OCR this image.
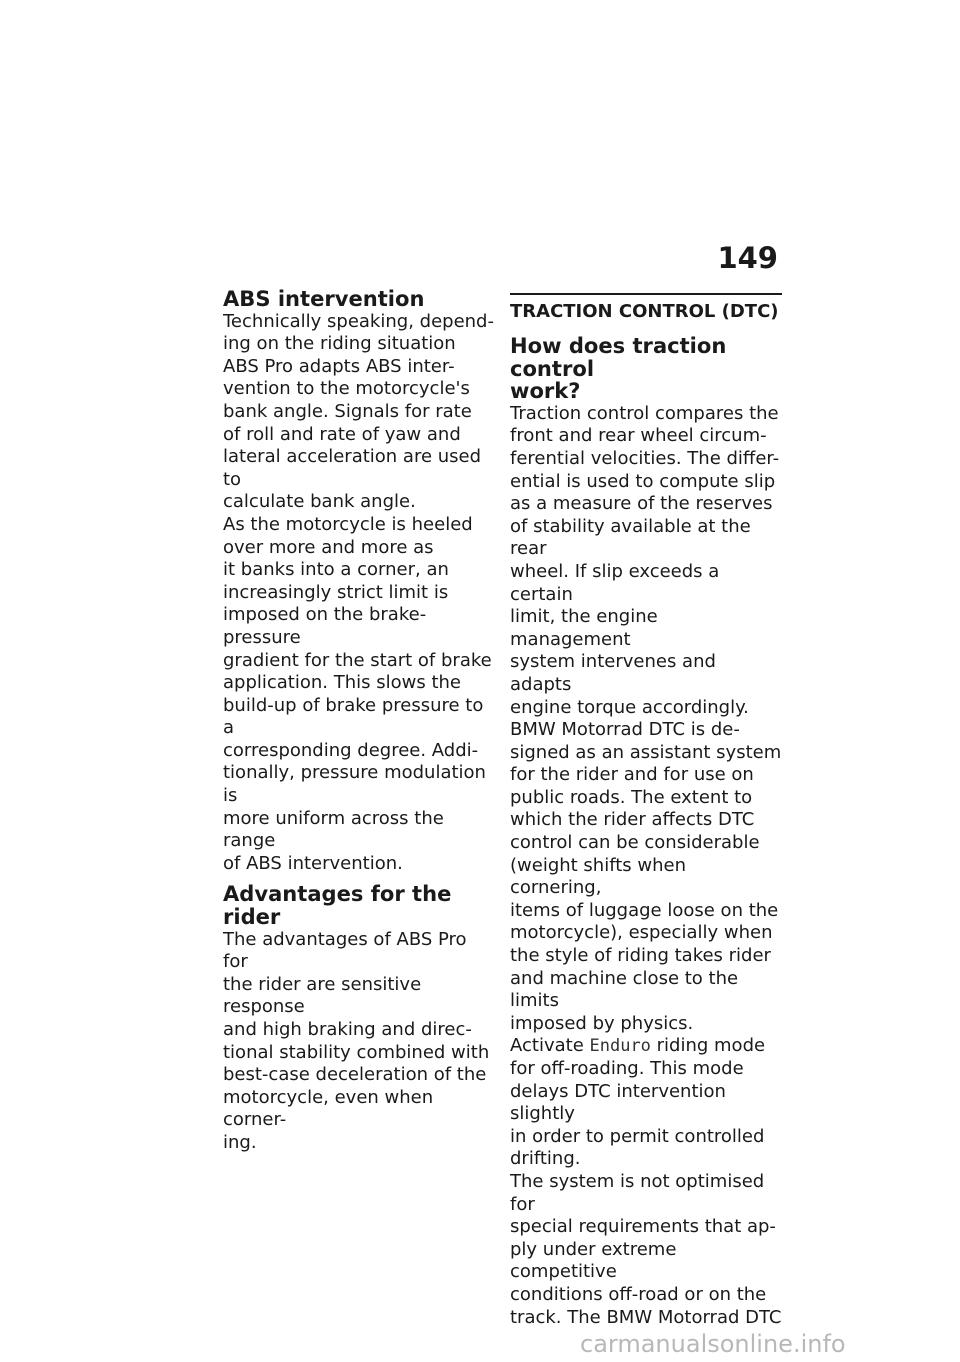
149
ABS intervention

Technically speaking, depend-
ing on the riding situation
ABS Pro adapts ABS inter-
vention to the motorcycle's
bank angle. Signals for rate
of roll and rate of yaw and
lateral acceleration are used to
calculate bank angle.

As the motorcycle is heeled
over more and more as
it banks into a corner, an
increasingly strict limit is
imposed on the brake-pressure
gradient for the start of brake
application. This slows the
build-up of brake pressure to a
corresponding degree. Addi-
tionally, pressure modulation is
more uniform across the range
of ABS intervention.

Advantages for the rider

The advantages of ABS Pro for
the rider are sensitive response
and high braking and direc-
tional stability combined with
best-case deceleration of the
motorcycle, even when corner-
ing.

TRACTION CONTROL (DTC)
How does traction control
work?

Traction control compares the
front and rear wheel circum-
ferential velocities. The differ-
ential is used to compute slip
as a measure of the reserves
of stability available at the rear
wheel. If slip exceeds a certain
limit, the engine management
system intervenes and adapts
engine torque accordingly.

BMW Motorrad DTC is de-
signed as an assistant system
for the rider and for use on
public roads. The extent to
which the rider affects DTC
control can be considerable
(weight shifts when cornering,
items of luggage loose on the
motorcycle), especially when
the style of riding takes rider
and machine close to the limits
imposed by physics.

Activate Enduro riding mode
for off-roading. This mode
delays DTC intervention slightly
in order to permit controlled
drifting.

The system is not optimised for
special requirements that ap-
ply under extreme competitive
conditions off-road or on the
track. The BMW Motorrad DTC

carmanualsonline.info
